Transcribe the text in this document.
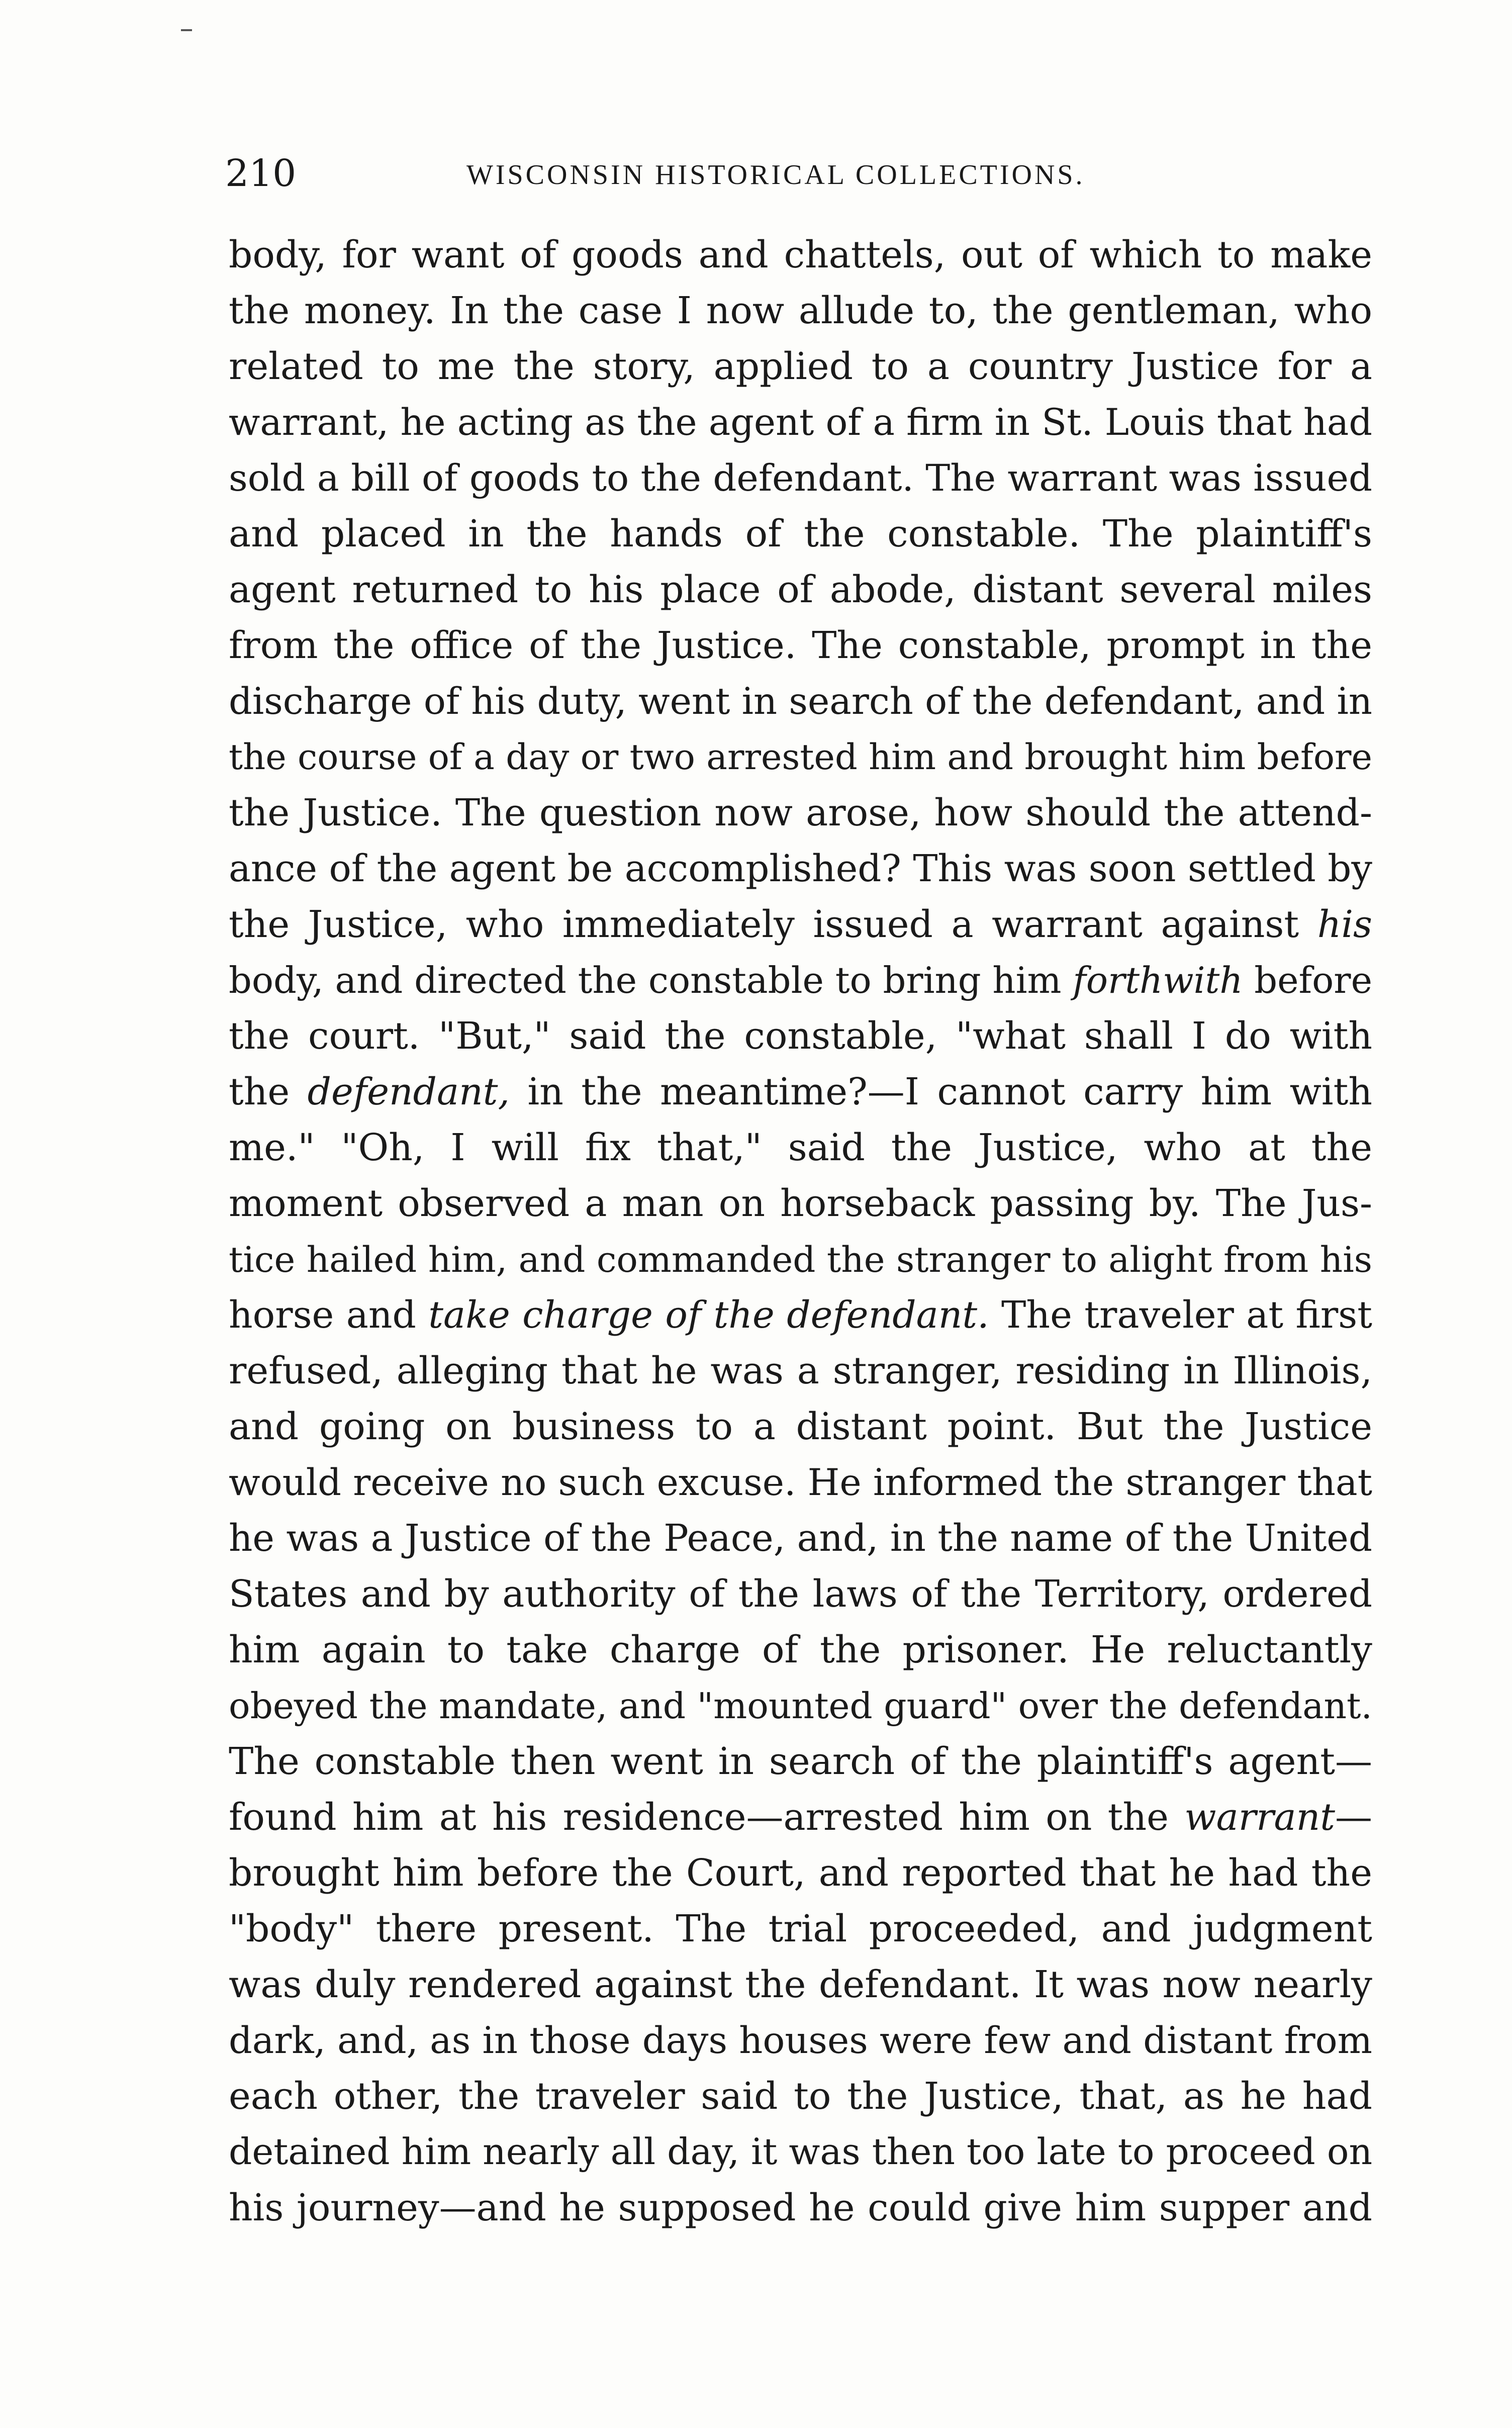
210	WISCONSIN HISTORICAL COLLECTIONS.
body, for want of goods and chattels, out of which to make
the money. In the case I now allude to, the gentleman, who
related to me the story, applied to a country Justice for a
warrant, he acting as the agent of a firm in St. Louis that had
sold a bill of goods to the defendant. The warrant was issued
and placed in the hands of the constable. The plaintiff's
agent returned to his place of abode, distant several miles
from the office of the Justice. The constable, prompt in the
discharge of his duty, went in search of the defendant, and in
the course of a day or two arrested him and brought him before
the Justice. The question now arose, how should the attend-
ance of the agent be accomplished? This was soon settled by
the Justice, who immediately issued a warrant against his
body, and directed the constable to bring him forthwith before
the court. "But," said the constable, "what shall I do with
the defendant, in the meantime?—I cannot carry him with
me." "Oh, I will fix that," said the Justice, who at the
moment observed a man on horseback passing by. The Jus-
tice hailed him, and commanded the stranger to alight from his
horse and take charge of the defendant. The traveler at first
refused, alleging that he was a stranger, residing in Illinois,
and going on business to a distant point. But the Justice
would receive no such excuse. He informed the stranger that
he was a Justice of the Peace, and, in the name of the United
States and by authority of the laws of the Territory, ordered
him again to take charge of the prisoner. He reluctantly
obeyed the mandate, and "mounted guard" over the defendant.
The constable then went in search of the plaintiff's agent—
found him at his residence—arrested him on the warrant—
brought him before the Court, and reported that he had the
"body" there present. The trial proceeded, and judgment
was duly rendered against the defendant. It was now nearly
dark, and, as in those days houses were few and distant from
each other, the traveler said to the Justice, that, as he had
detained him nearly all day, it was then too late to proceed on
his journey—and he supposed he could give him supper and
